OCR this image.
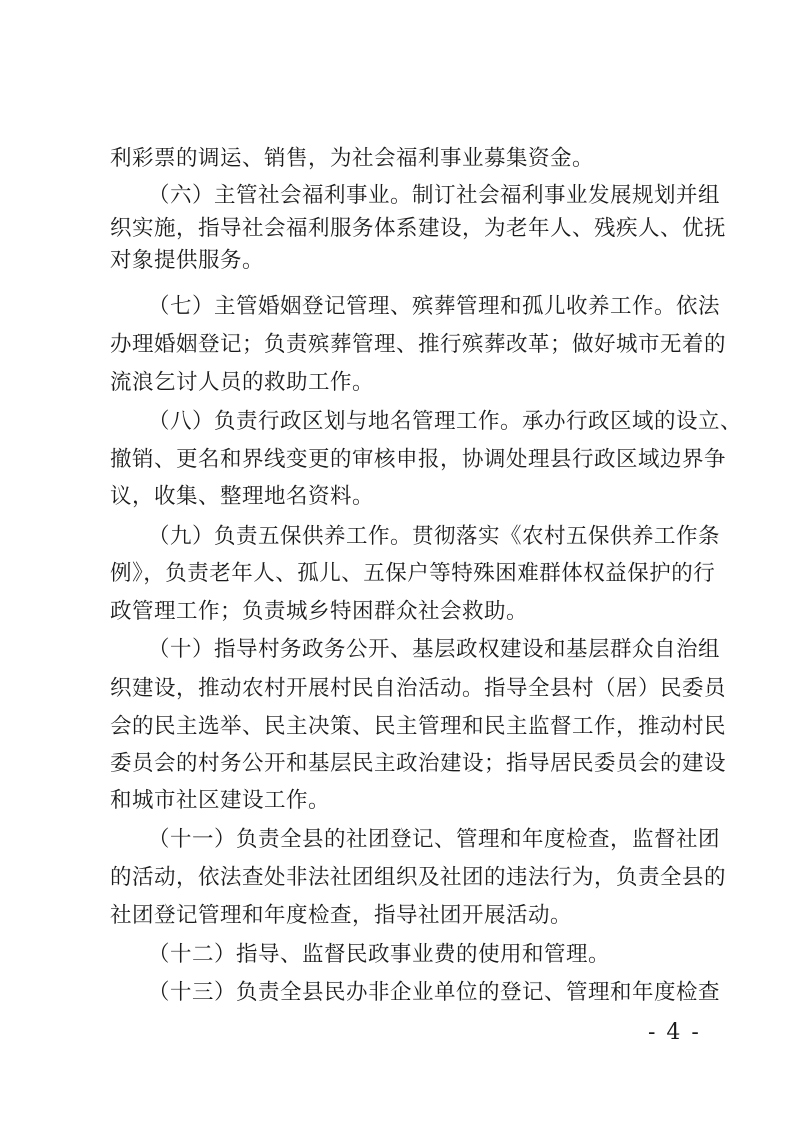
利彩票的调运、销售，为社会福利事业募集资金。
（六）主管社会福利事业。制订社会福利事业发展规划并组
织实施，指导社会福利服务体系建设，为老年人、残疾人、优抚
对象提供服务。
（七）主管婚姻登记管理、殡葬管理和孤儿收养工作。依法
办理婚姻登记；负责殡葬管理、推行殡葬改革；做好城市无着的
流浪乞讨人员的救助工作。
（八）负责行政区划与地名管理工作。承办行政区域的设立、
撤销、更名和界线变更的审核申报，协调处理县行政区域边界争
议，收集、整理地名资料。
（九）负责五保供养工作。贯彻落实《农村五保供养工作条
例》，负责老年人、孤儿、五保户等特殊困难群体权益保护的行
政管理工作；负责城乡特困群众社会救助。
（十）指导村务政务公开、基层政权建设和基层群众自治组
织建设，推动农村开展村民自治活动。指导全县村（居）民委员
会的民主选举、民主决策、民主管理和民主监督工作，推动村民
委员会的村务公开和基层民主政治建设；指导居民委员会的建设
和城市社区建设工作。
（十一）负责全县的社团登记、管理和年度检查，监督社团
的活动，依法查处非法社团组织及社团的违法行为，负责全县的
社团登记管理和年度检查，指导社团开展活动。
（十二）指导、监督民政事业费的使用和管理。
（十三）负责全县民办非企业单位的登记、管理和年度检查
- 4 -
